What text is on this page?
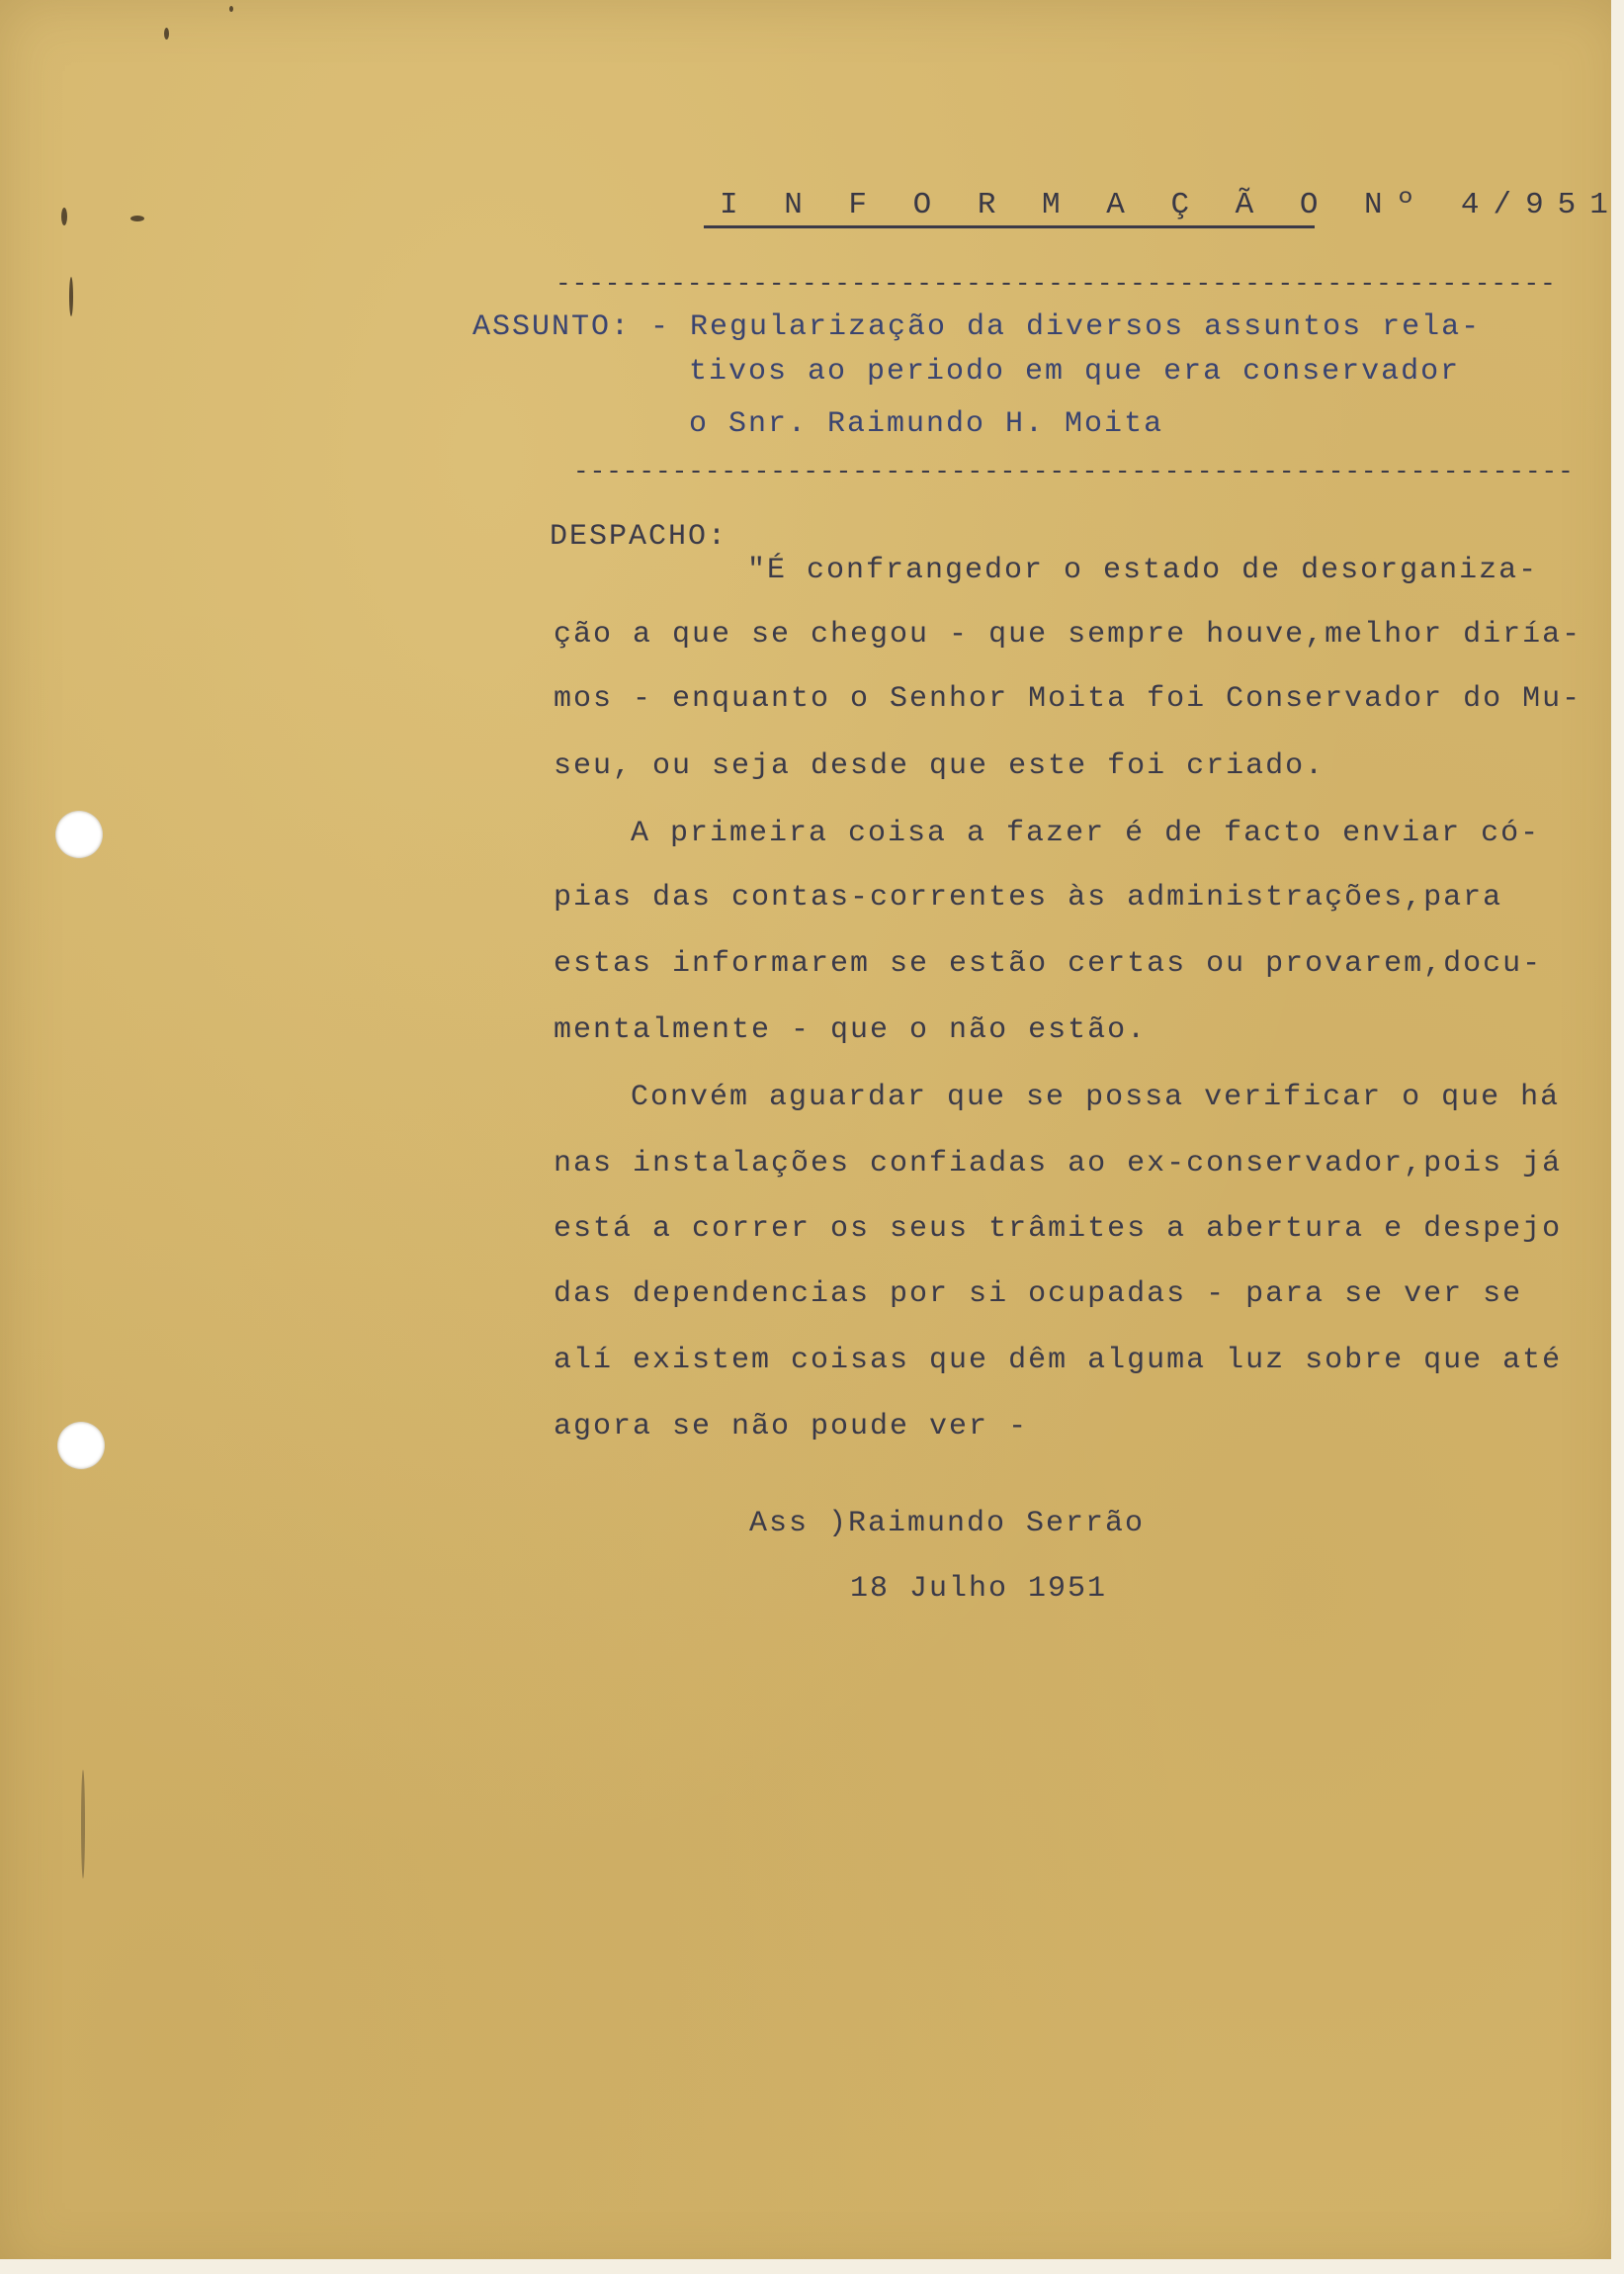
I N F O R M A Ç Ã O Nº 4/951
-------------------------------------------------------------
ASSUNTO: - Regularização da diversos assuntos rela-
tivos ao periodo em que era conservador
o Snr. Raimundo H. Moita
-------------------------------------------------------------
DESPACHO:
"É confrangedor o estado de desorganiza-
ção a que se chegou - que sempre houve,melhor diría-
mos - enquanto o Senhor Moita foi Conservador do Mu-
seu, ou seja desde que este foi criado.
A primeira coisa a fazer é de facto enviar có-
pias das contas-correntes às administrações,para
estas informarem se estão certas ou provarem,docu-
mentalmente - que o não estão.
Convém aguardar que se possa verificar o que há
nas instalações confiadas ao ex-conservador,pois já
está a correr os seus trâmites a abertura e despejo
das dependencias por si ocupadas - para se ver se
alí existem coisas que dêm alguma luz sobre que até
agora se não poude ver -
Ass )Raimundo Serrão
18 Julho 1951
